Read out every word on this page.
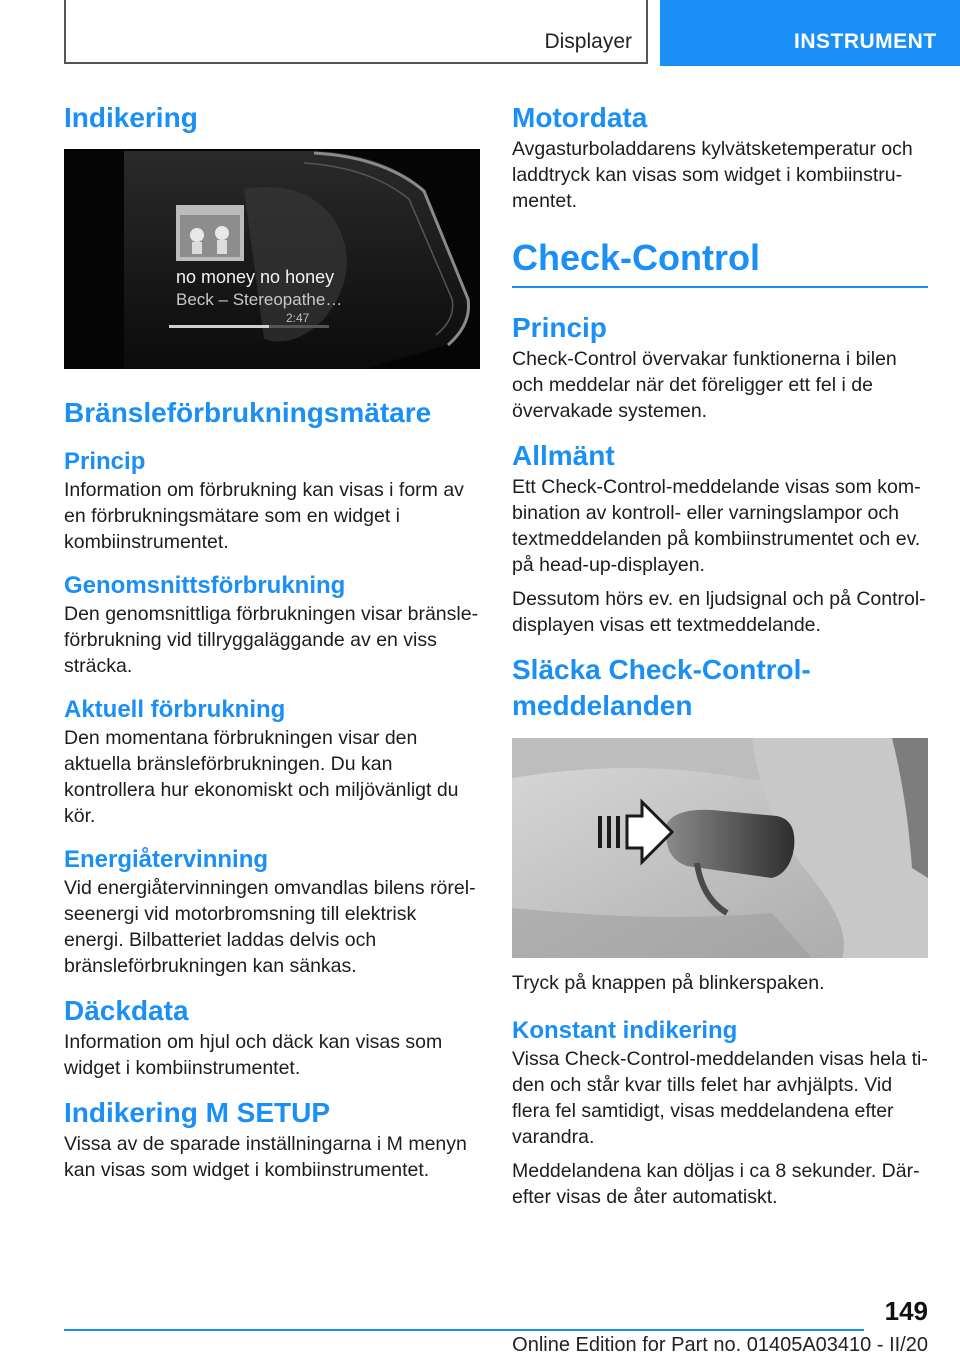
Displayer	INSTRUMENT
Indikering
no money no honey
Beck – Stereopathe…
2:47
Bränsleförbrukningsmätare
Princip

Information om förbrukning kan visas i form av en förbrukningsmätare som en widget i kombiinstrumentet.

Genomsnittsförbrukning

Den genomsnittliga förbrukningen visar bränsleförbrukning vid tillryggaläggande av en viss sträcka.

Aktuell förbrukning

Den momentana förbrukningen visar den aktuella bränsleförbrukningen. Du kan kontrollera hur ekonomiskt och miljövänligt du kör.

Energiåtervinning

Vid energiåtervinningen omvandlas bilens rörelseenergi vid motorbromsning till elektrisk energi. Bilbatteriet laddas delvis och bränsleförbrukningen kan sänkas.

Däckdata

Information om hjul och däck kan visas som widget i kombiinstrumentet.

Indikering M SETUP

Vissa av de sparade inställningarna i M menyn kan visas som widget i kombiinstrumentet.

Motordata

Avgasturboladdarens kylvätsketemperatur och laddtryck kan visas som widget i kombiinstrumentet.

Check-Control
Princip

Check-Control övervakar funktionerna i bilen och meddelar när det föreligger ett fel i de övervakade systemen.

Allmänt

Ett Check-Control-meddelande visas som kombination av kontroll- eller varningslampor och textmeddelanden på kombiinstrumentet och ev. på head-up-displayen.

Dessutom hörs ev. en ljudsignal och på Control-displayen visas ett textmeddelande.

Släcka Check-Control-meddelanden

Tryck på knappen på blinkerspaken.

Konstant indikering

Vissa Check-Control-meddelanden visas hela tiden och står kvar tills felet har avhjälpts. Vid flera fel samtidigt, visas meddelandena efter varandra.

Meddelandena kan döljas i ca 8 sekunder. Därefter visas de åter automatiskt.

149
Online Edition for Part no. 01405A03410 - II/20
